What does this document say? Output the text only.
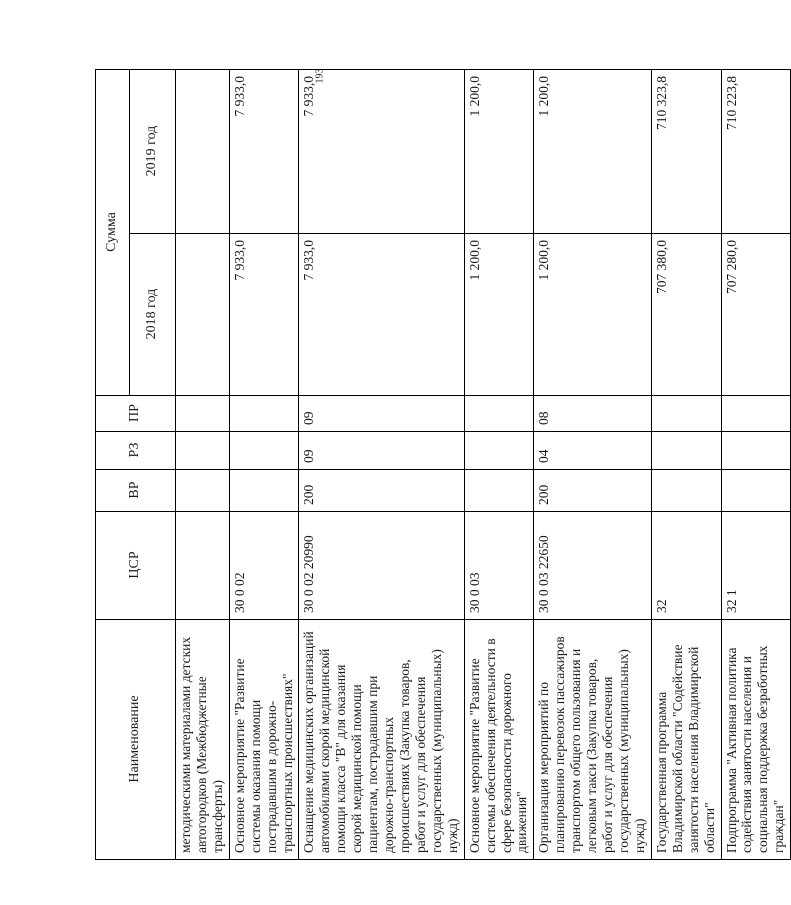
193
Наименование	ЦСР	ВР	РЗ	ПР	Сумма	
					2018 год	2019 год
методическими материалами детских автогородков (Межбюджетные трансферты)						
Основное мероприятие "Развитие системы оказания помощи пострадавшим в дорожно-транспортных происшествиях"	30 0 02				7 933,0	7 933,0
Оснащение медицинских организаций автомобилями скорой медицинской помощи класса "В" для оказания скорой медицинской помощи пациентам, пострадавшим при дорожно-транспортных происшествиях (Закупка товаров, работ и услуг для обеспечения государственных (муниципальных) нужд)	30 0 02 20990	200	09	09	7 933,0	7 933,0
Основное мероприятие "Развитие системы обеспечения деятельности в сфере безопасности дорожного движения"	30 0 03				1 200,0	1 200,0
Организация мероприятий по планированию перевозок пассажиров транспортом общего пользования и легковым такси (Закупка товаров, работ и услуг для обеспечения государственных (муниципальных) нужд)	30 0 03 22650	200	04	08	1 200,0	1 200,0
Государственная программа Владимирской области "Содействие занятости населения Владимирской области"	32				707 380,0	710 323,8
Подпрограмма "Активная политика содействия занятости населения и социальная поддержка безработных граждан"	32 1				707 280,0	710 223,8
